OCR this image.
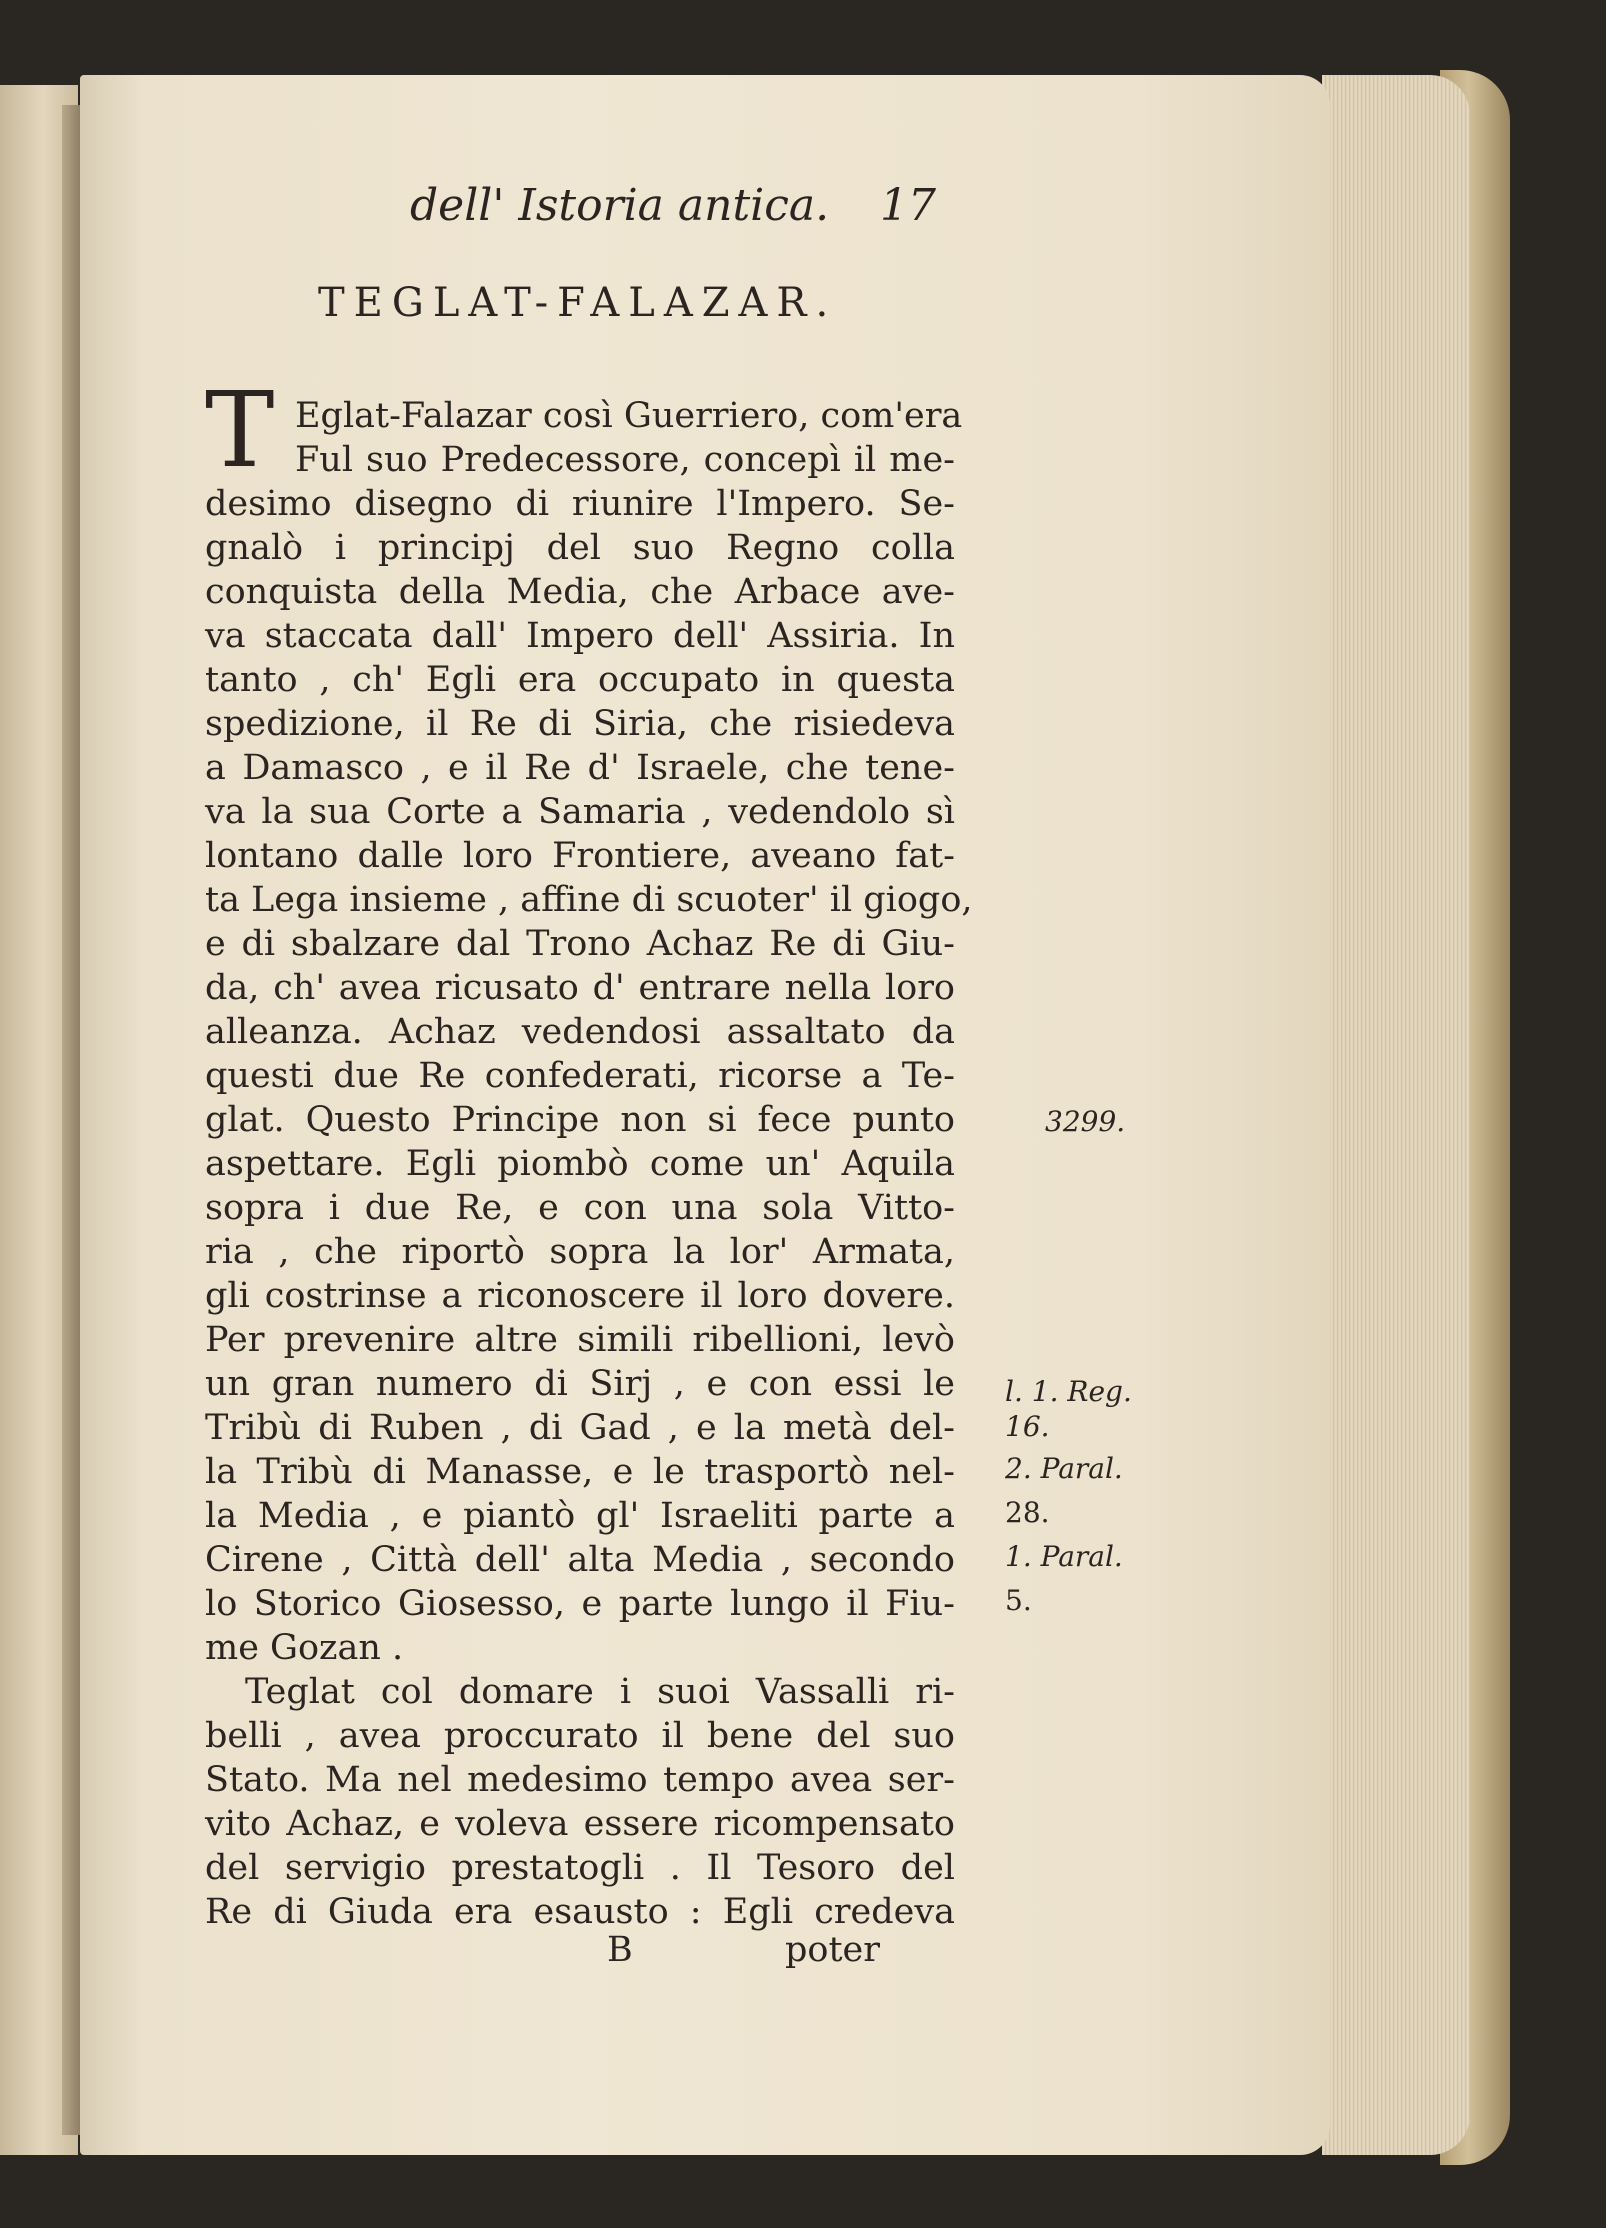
dell' Istoria antica. 17
TEGLAT-FALAZAR.
T Eglat-Falazar così Guerriero, com'era
Ful suo Predecessore, concepì il me-
desimo disegno di riunire l'Impero. Se-
gnalò i principj del suo Regno colla
conquista della Media, che Arbace ave-
va staccata dall' Impero dell' Assiria. In
tanto , ch' Egli era occupato in questa
spedizione, il Re di Siria, che risiedeva
a Damasco , e il Re d' Israele, che tene-
va la sua Corte a Samaria , vedendolo sì
lontano dalle loro Frontiere, aveano fat-
ta Lega insieme , affine di scuoter' il giogo,
e di sbalzare dal Trono Achaz Re di Giu-
da, ch' avea ricusato d' entrare nella loro
alleanza. Achaz vedendosi assaltato da
questi due Re confederati, ricorse a Te-
glat. Questo Principe non si fece punto
aspettare. Egli piombò come un' Aquila
sopra i due Re, e con una sola Vitto-
ria , che riportò sopra la lor' Armata,
gli costrinse a riconoscere il loro dovere.
Per prevenire altre simili ribellioni, levò
un gran numero di Sirj , e con essi le
Tribù di Ruben , di Gad , e la metà del-
la Tribù di Manasse, e le trasportò nel-
la Media , e piantò gl' Israeliti parte a
Cirene , Città dell' alta Media , secondo
lo Storico Giosesso, e parte lungo il Fiu-
me Gozan .
Teglat col domare i suoi Vassalli ri-
belli , avea proccurato il bene del suo
Stato. Ma nel medesimo tempo avea ser-
vito Achaz, e voleva essere ricompensato
del servigio prestatogli . Il Tesoro del
Re di Giuda era esausto : Egli credeva
B	poter
3299.
l. 1. Reg.
16.
2. Paral.
28.
1. Paral.
5.
